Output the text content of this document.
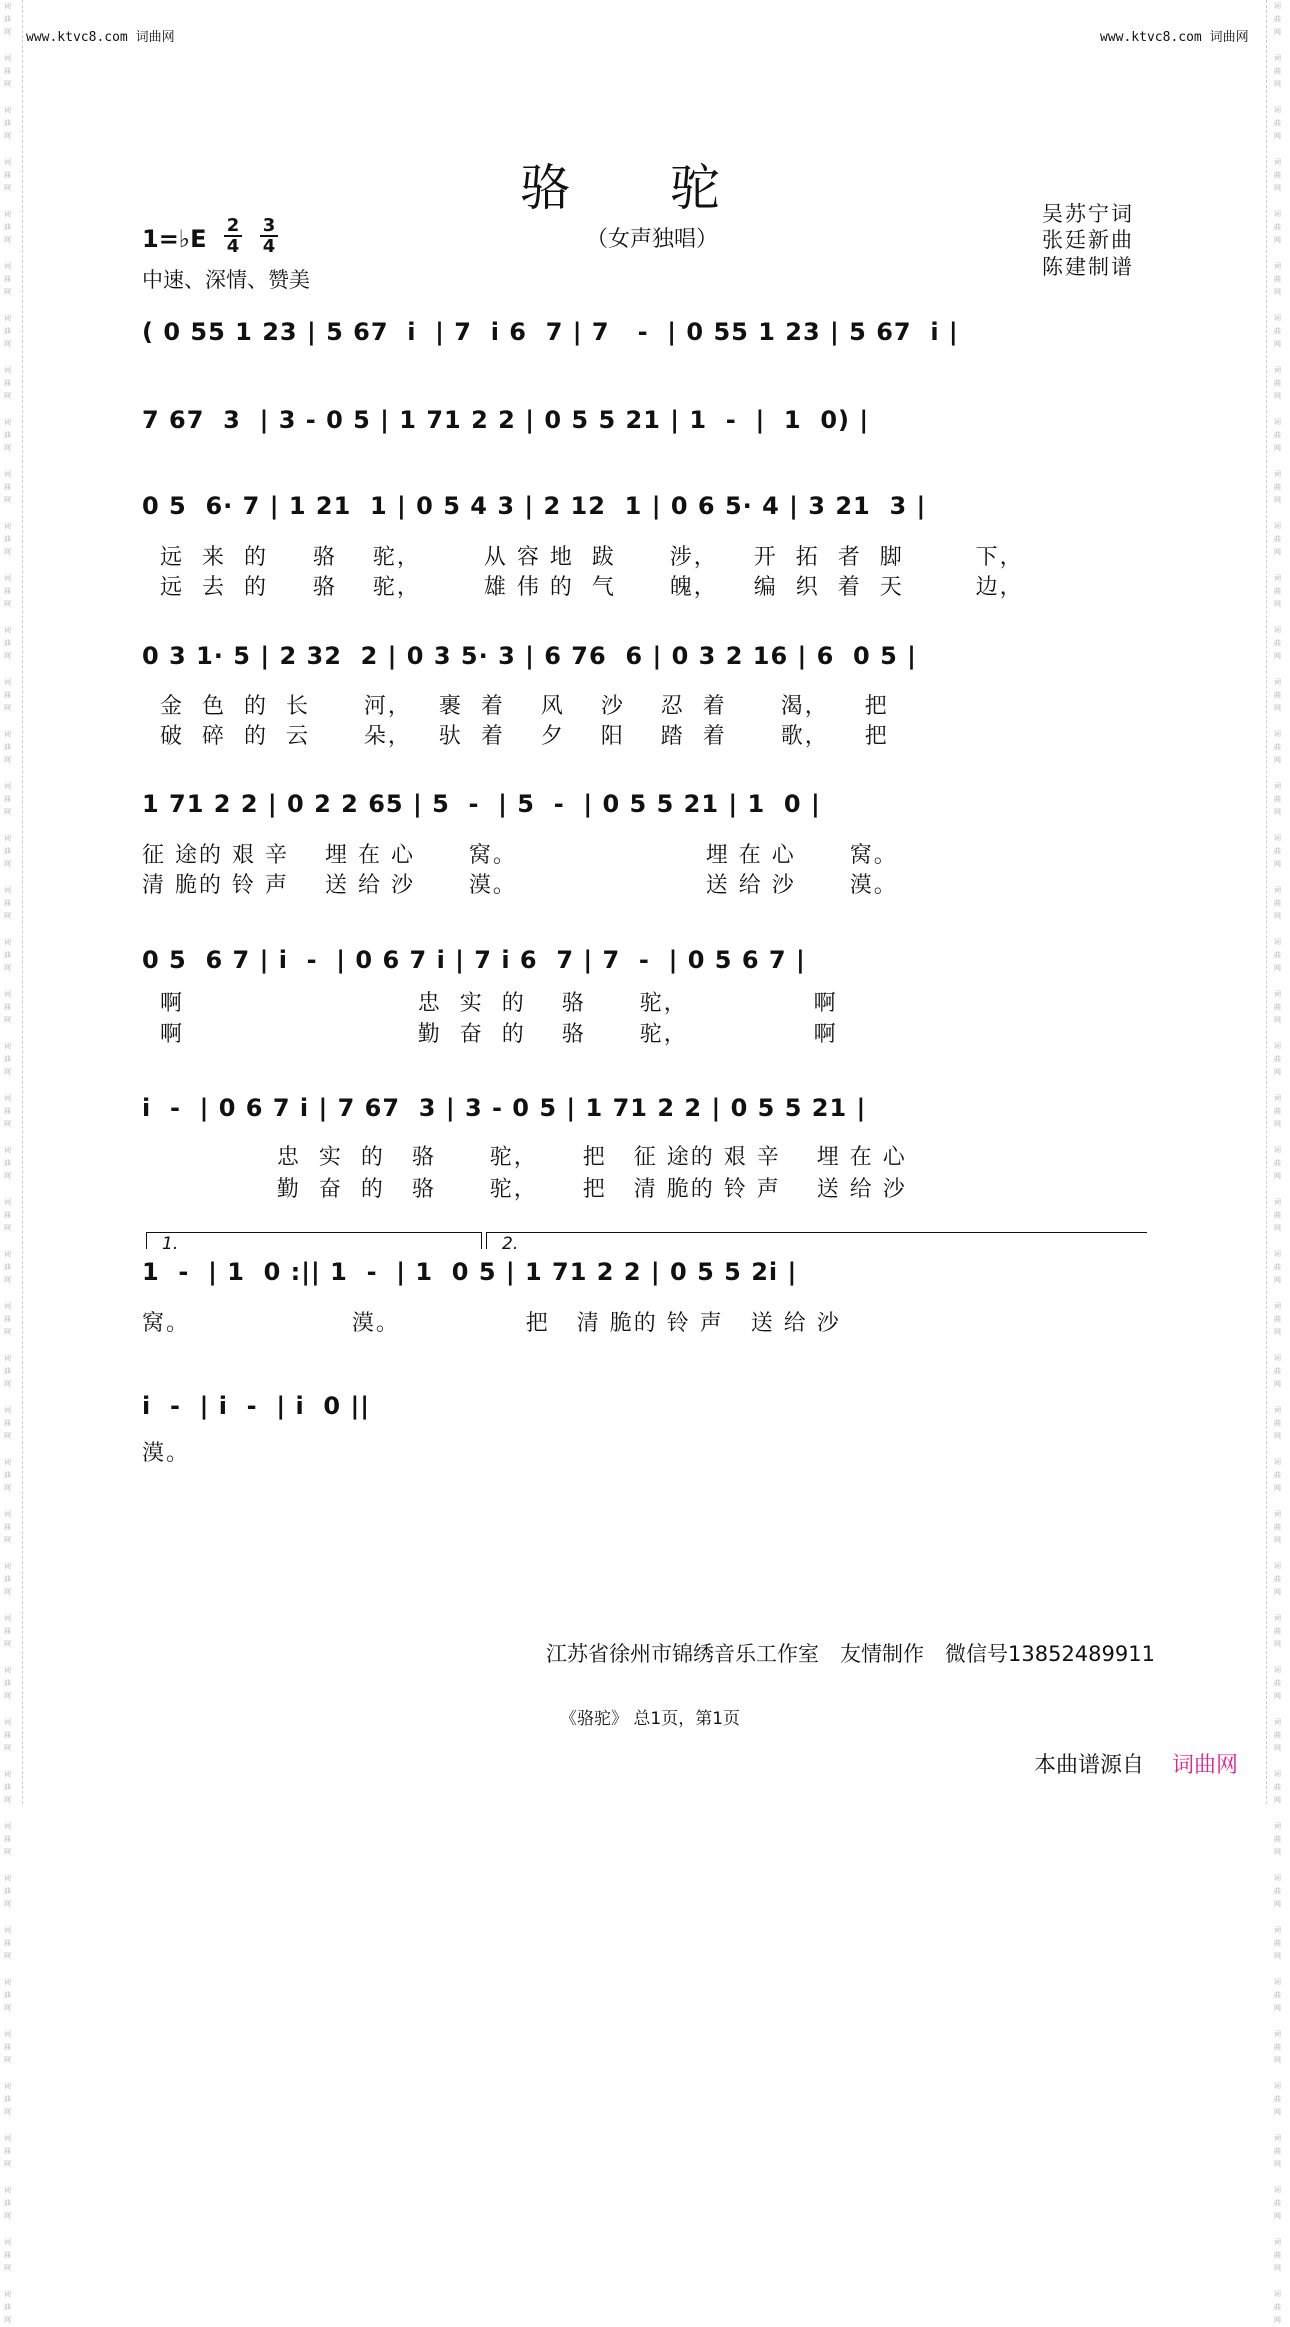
www.ktvc8.com 词曲网	www.ktvc8.com 词曲网
骆　　驼
（女声独唱）
1=♭E 2
4
3
4
中速、深情、赞美
吴苏宁词
张廷新曲
陈建制谱
( 0 55 1 23 | 5 67  i  | 7  i 6  7 | 7   -  | 0 55 1 23 | 5 67  i |
7 67  3  | 3 - 0 5 | 1 71 2 2 | 0 5 5 21 | 1  -  |  1  0) |
0 5  6· 7 | 1 21  1 | 0 5 4 3 | 2 12  1 | 0 6 5· 4 | 3 21  3 |
远  来  的     骆    驼，       从 容 地  跋      涉，    开  拓  者  脚        下，
远  去  的     骆    驼，       雄 伟 的  气      魄，    编  织  着  天        边，
0 3 1· 5 | 2 32  2 | 0 3 5· 3 | 6 76  6 | 0 3 2 16 | 6  0 5 |
金  色  的  长      河，   裹  着    风    沙    忍  着      渴，    把
破  碎  的  云      朵，   驮  着    夕    阳    踏  着      歌，    把
1 71 2 2 | 0 2 2 65 | 5  -  | 5  -  | 0 5 5 21 | 1  0 |
征 途的 艰 辛    埋 在 心      窝。                     埋 在 心      窝。
清 脆的 铃 声    送 给 沙      漠。                     送 给 沙      漠。
0 5  6 7 | i  -  | 0 6 7 i | 7 i 6  7 | 7  -  | 0 5 6 7 |
啊                          忠  实  的    骆      驼，              啊
啊                          勤  奋  的    骆      驼，              啊
i  -  | 0 6 7 i | 7 67  3 | 3 - 0 5 | 1 71 2 2 | 0 5 5 21 |
忠  实  的   骆      驼，     把   征 途的 艰 辛    埋 在 心
勤  奋  的   骆      驼，     把   清 脆的 铃 声    送 给 沙
1.	2.
1  -  | 1  0 :|| 1  -  | 1  0 5 | 1 71 2 2 | 0 5 5 2i |
窝。                  漠。              把   清 脆的 铃 声   送 给 沙
i  -  | i  -  | i  0 ||
漠。
江苏省徐州市锦绣音乐工作室　友情制作　微信号13852489911
《骆驼》 总1页，第1页
本曲谱源自 词曲网
词
曲
网

词
曲
网

词
曲
网

词
曲
网

词
曲
网

词
曲
网

词
曲
网

词
曲
网

词
曲
网

词
曲
网

词
曲
网

词
曲
网

词
曲
网

词
曲
网

词
曲
网

词
曲
网

词
曲
网

词
曲
网

词
曲
网

词
曲
网

词
曲
网

词
曲
网

词
曲
网

词
曲
网

词
曲
网

词
曲
网

词
曲
网

词
曲
网

词
曲
网

词
曲
网

词
曲
网

词
曲
网

词
曲
网

词
曲
网

词
曲
网

词
曲
网

词
曲
网

词
曲
网

词
曲
网

词
曲
网

词
曲
网

词
曲
网

词
曲
网

词
曲
网

词
曲
网

词
曲
网

词
曲
网

词
曲
网

词
曲
网

词
曲
网

词
曲
网

词
曲
网

词
曲
网

词
曲
网

词
曲
网

词
曲
网

词
曲
网

词
曲
网

词
曲
网

词
曲
网

词
曲
网

词
曲
网

词
曲
网

词
曲
网

词
曲
网

词
曲
网

词
曲
网

词
曲
网

词
曲
网

词
曲
网

词
曲
网

词
曲
网

词
曲
网

词
曲
网

词
曲
网

词
曲
网

词
曲
网

词
曲
网

词
曲
网

词
曲
网

词
曲
网

词
曲
网

词
曲
网

词
曲
网

词
曲
网

词
曲
网

词
曲
网

词
曲
网

词
曲
网

词
曲
网
